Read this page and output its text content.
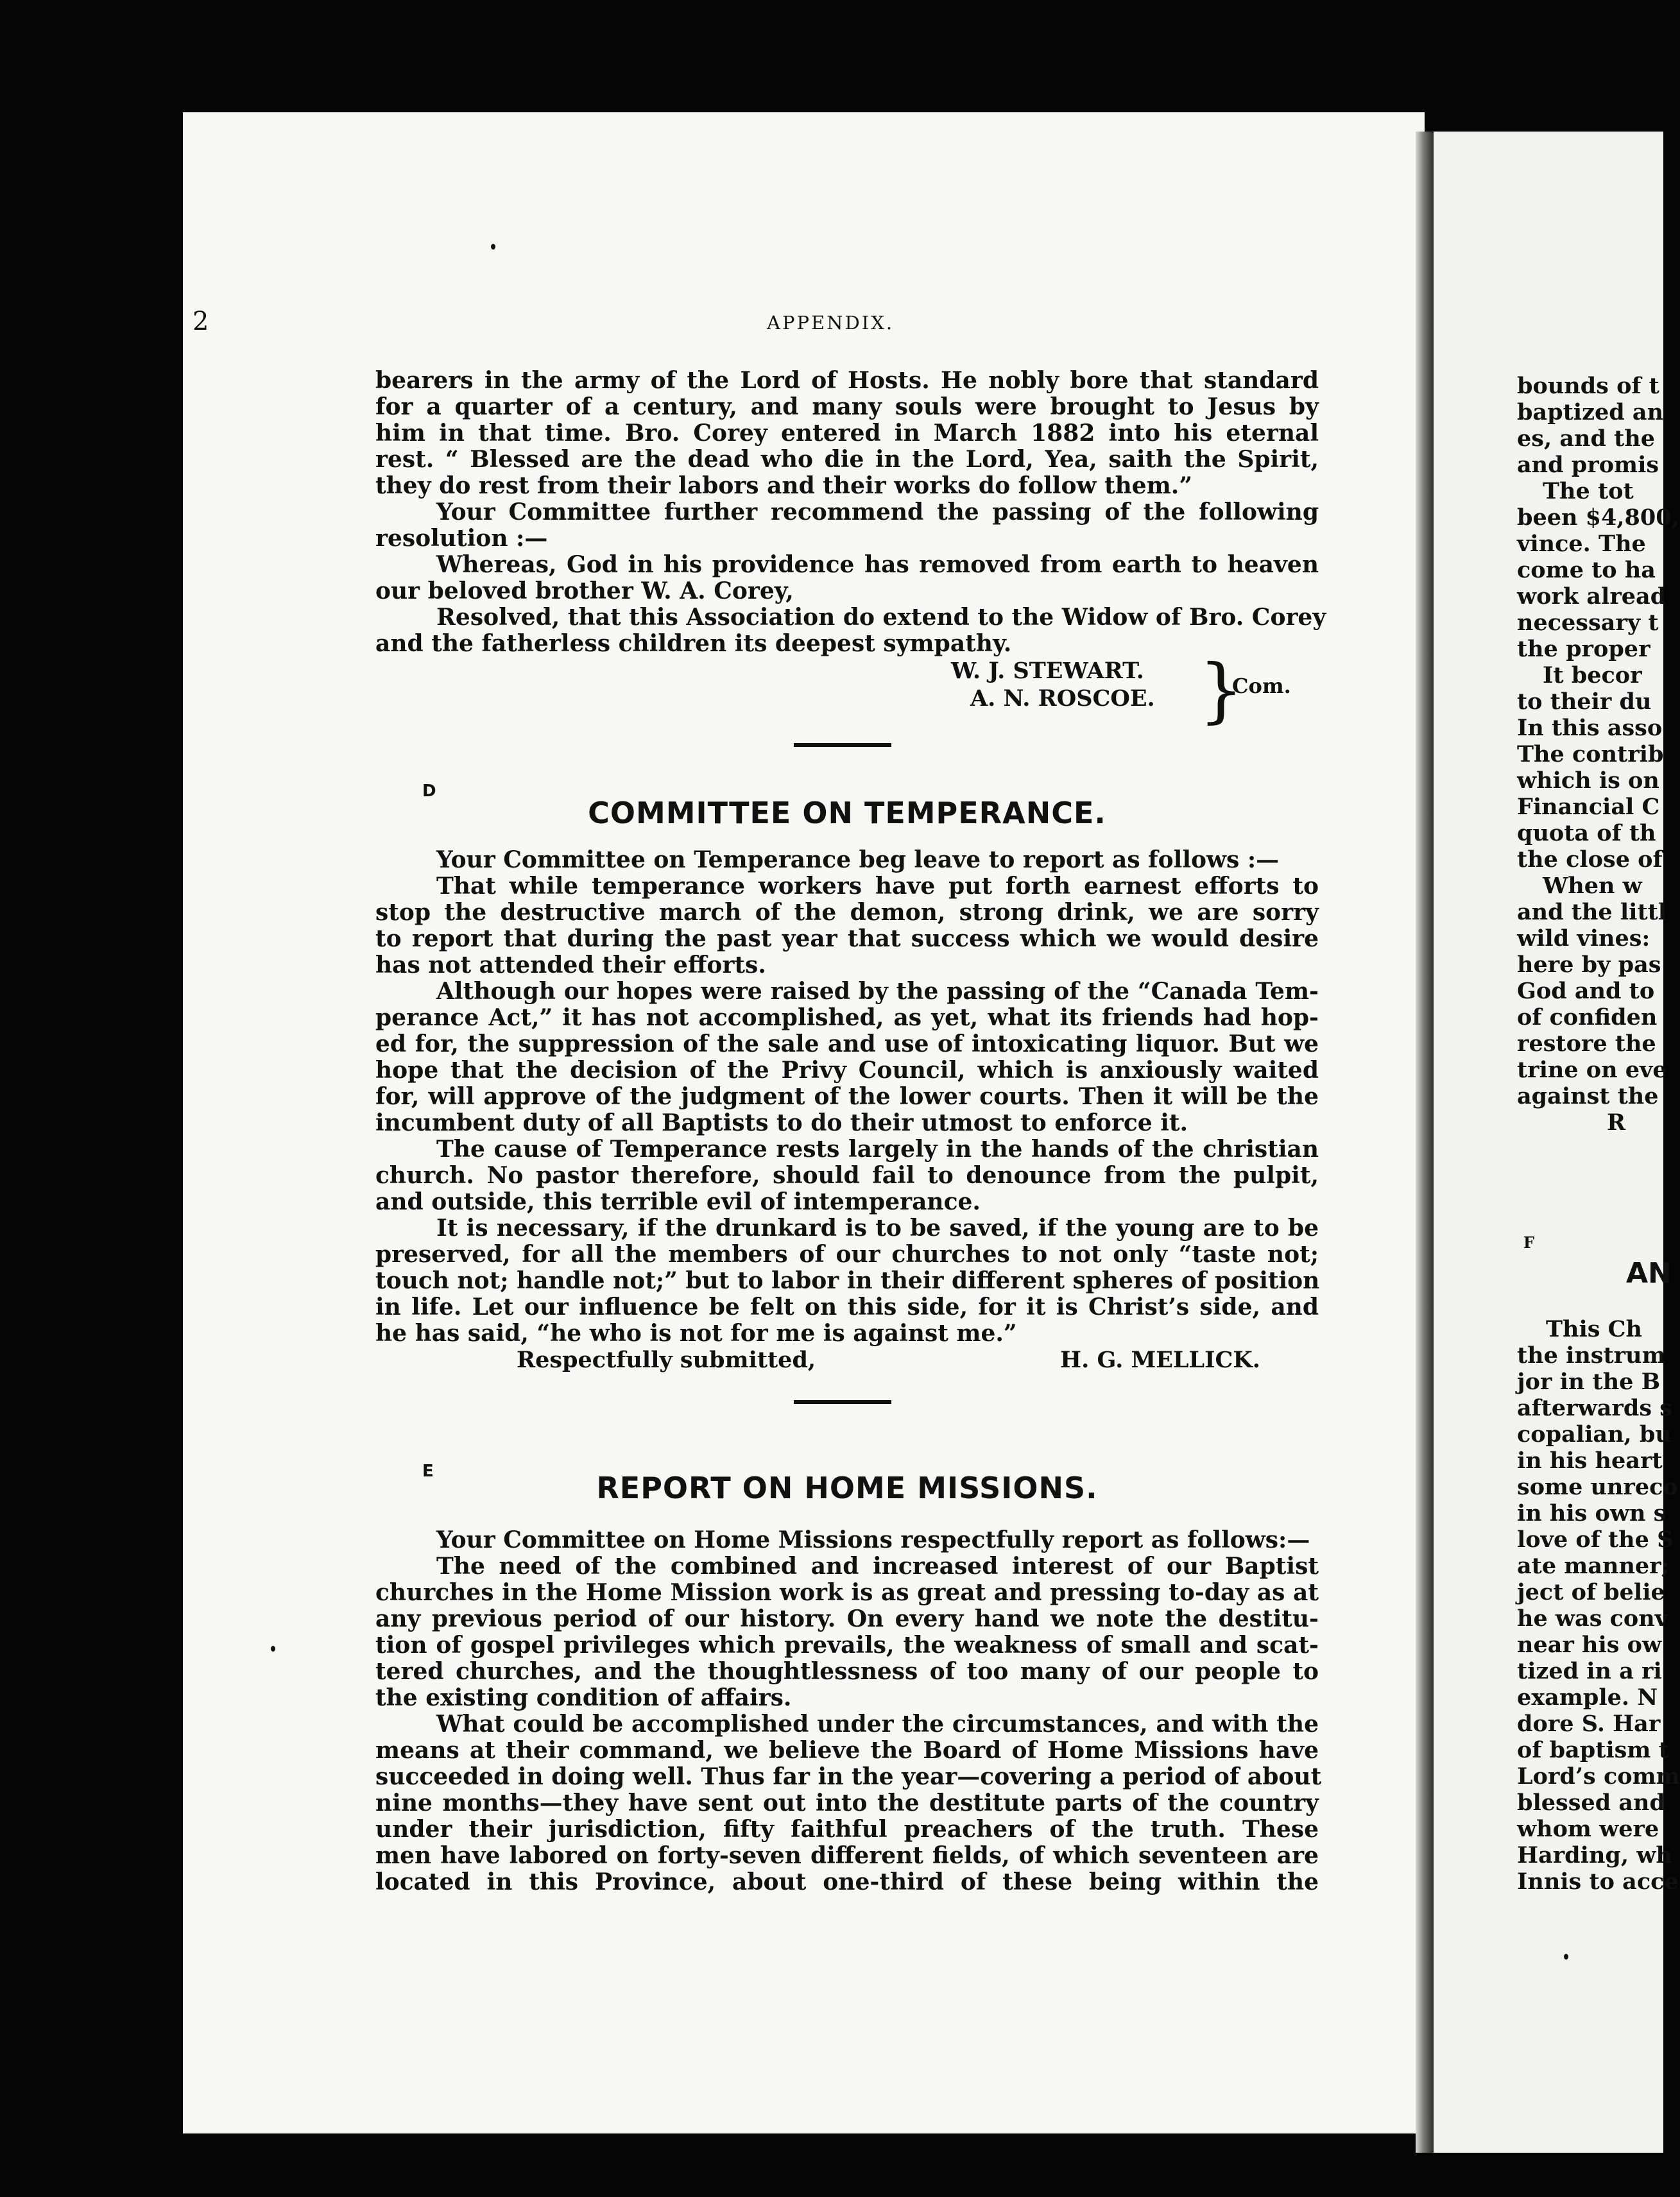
bounds of t
baptized an
es, and the
and promis
The tot
been $4,800,
vince. The
come to ha
work alread
necessary t
the proper
It becor
to their du
In this asso
The contrib
which is on
Financial C
quota of th
the close of
When w
and the littl
wild vines:
here by pas
God and to
of confiden
restore the
trine on eve
against the
R
F
AN
This Ch
the instrum
jor in the B
afterwards s
copalian, bu
in his heart
some unreco
in his own s
love of the S
ate manner;
ject of belie
he was conv
near his ow
tized in a ri
example. N
dore S. Har
of baptism t
Lord’s comm
blessed and
whom were
Harding, wh
Innis to acce
2	APPENDIX.
bearers in the army of the Lord of Hosts. He nobly bore that standard
for a quarter of a century, and many souls were brought to Jesus by
him in that time. Bro. Corey entered in March 1882 into his eternal
rest. “ Blessed are the dead who die in the Lord, Yea, saith the Spirit,
they do rest from their labors and their works do follow them.”
Your Committee further recommend the passing of the following
resolution :—
Whereas, God in his providence has removed from earth to heaven
our beloved brother W. A. Corey,
Resolved, that this Association do extend to the Widow of Bro. Corey
and the fatherless children its deepest sympathy.
W. J. STEWART.
A. N. ROSCOE. }
Com.
D
COMMITTEE ON TEMPERANCE.
Your Committee on Temperance beg leave to report as follows :—
That while temperance workers have put forth earnest efforts to
stop the destructive march of the demon, strong drink, we are sorry
to report that during the past year that success which we would desire
has not attended their efforts.
Although our hopes were raised by the passing of the “Canada Tem-
perance Act,” it has not accomplished, as yet, what its friends had hop-
ed for, the suppression of the sale and use of intoxicating liquor. But we
hope that the decision of the Privy Council, which is anxiously waited
for, will approve of the judgment of the lower courts. Then it will be the
incumbent duty of all Baptists to do their utmost to enforce it.
The cause of Temperance rests largely in the hands of the christian
church. No pastor therefore, should fail to denounce from the pulpit,
and outside, this terrible evil of intemperance.
It is necessary, if the drunkard is to be saved, if the young are to be
preserved, for all the members of our churches to not only “taste not;
touch not; handle not;” but to labor in their different spheres of position
in life. Let our influence be felt on this side, for it is Christ’s side, and
he has said, “he who is not for me is against me.”
Respectfully submitted,	H. G. MELLICK.
E	REPORT ON HOME MISSIONS.
Your Committee on Home Missions respectfully report as follows:—
The need of the combined and increased interest of our Baptist
churches in the Home Mission work is as great and pressing to-day as at
any previous period of our history. On every hand we note the destitu-
tion of gospel privileges which prevails, the weakness of small and scat-
tered churches, and the thoughtlessness of too many of our people to
the existing condition of affairs.
What could be accomplished under the circumstances, and with the
means at their command, we believe the Board of Home Missions have
succeeded in doing well. Thus far in the year—covering a period of about
nine months—they have sent out into the destitute parts of the country
under their jurisdiction, fifty faithful preachers of the truth. These
men have labored on forty-seven different fields, of which seventeen are
located in this Province, about one-third of these being within the
